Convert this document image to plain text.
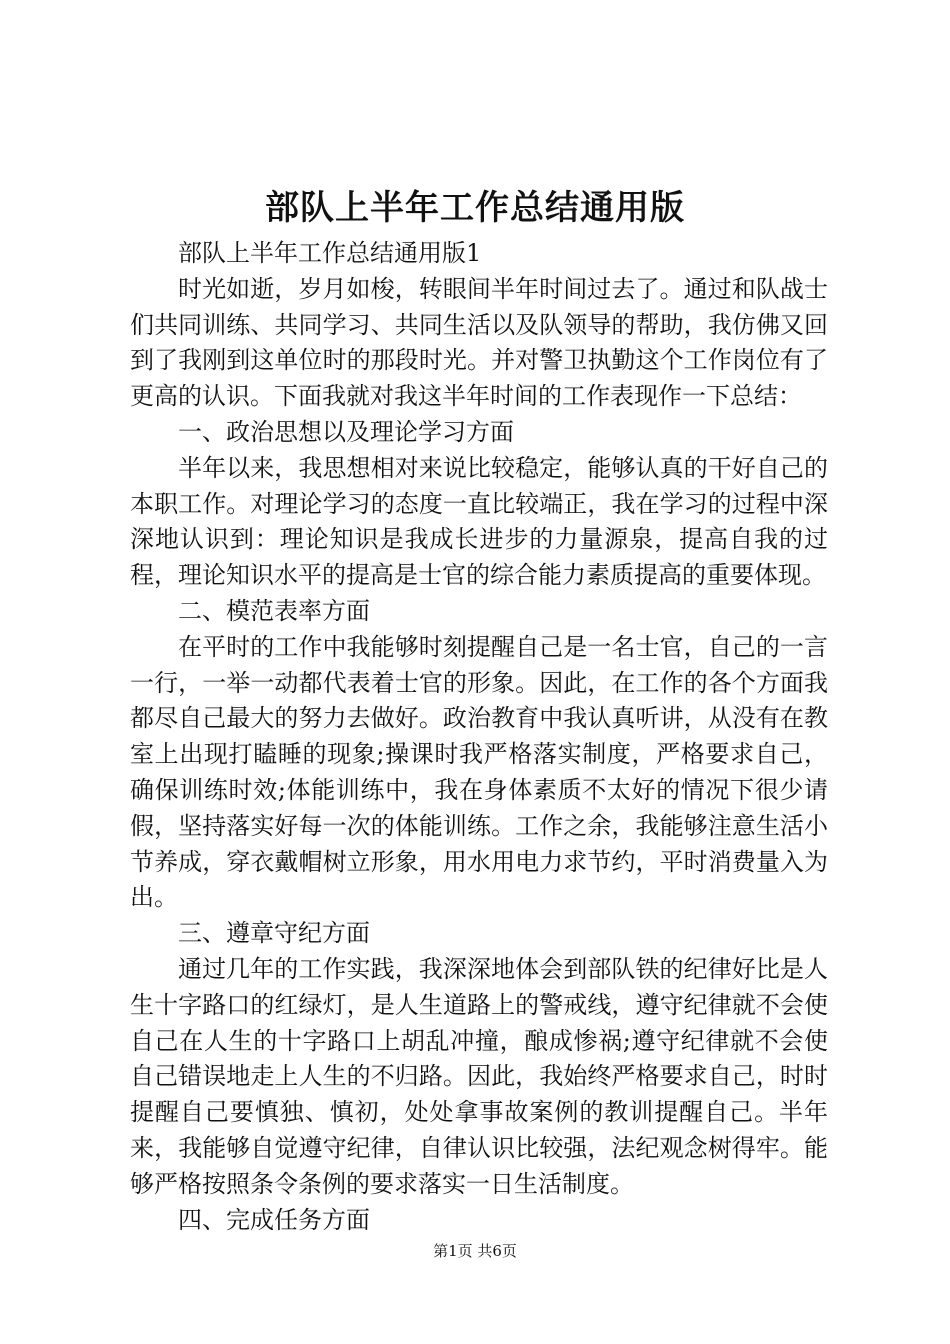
部队上半年工作总结通用版

部队上半年工作总结通用版1

时光如逝，岁月如梭，转眼间半年时间过去了。通过和队战士们共同训练、共同学习、共同生活以及队领导的帮助，我仿佛又回到了我刚到这单位时的那段时光。并对警卫执勤这个工作岗位有了更高的认识。下面我就对我这半年时间的工作表现作一下总结：

一、政治思想以及理论学习方面

半年以来，我思想相对来说比较稳定，能够认真的干好自己的本职工作。对理论学习的态度一直比较端正，我在学习的过程中深深地认识到：理论知识是我成长进步的力量源泉，提高自我的过程，理论知识水平的提高是士官的综合能力素质提高的重要体现。

二、模范表率方面

在平时的工作中我能够时刻提醒自己是一名士官，自己的一言一行，一举一动都代表着士官的形象。因此，在工作的各个方面我都尽自己最大的努力去做好。政治教育中我认真听讲，从没有在教室上出现打瞌睡的现象;操课时我严格落实制度，严格要求自己，确保训练时效;体能训练中，我在身体素质不太好的情况下很少请假，坚持落实好每一次的体能训练。工作之余，我能够注意生活小节养成，穿衣戴帽树立形象，用水用电力求节约，平时消费量入为出。

三、遵章守纪方面

通过几年的工作实践，我深深地体会到部队铁的纪律好比是人生十字路口的红绿灯，是人生道路上的警戒线，遵守纪律就不会使自己在人生的十字路口上胡乱冲撞，酿成惨祸;遵守纪律就不会使自己错误地走上人生的不归路。因此，我始终严格要求自己，时时提醒自己要慎独、慎初，处处拿事故案例的教训提醒自己。半年来，我能够自觉遵守纪律，自律认识比较强，法纪观念树得牢。能够严格按照条令条例的要求落实一日生活制度。

四、完成任务方面

第1页 共6页
